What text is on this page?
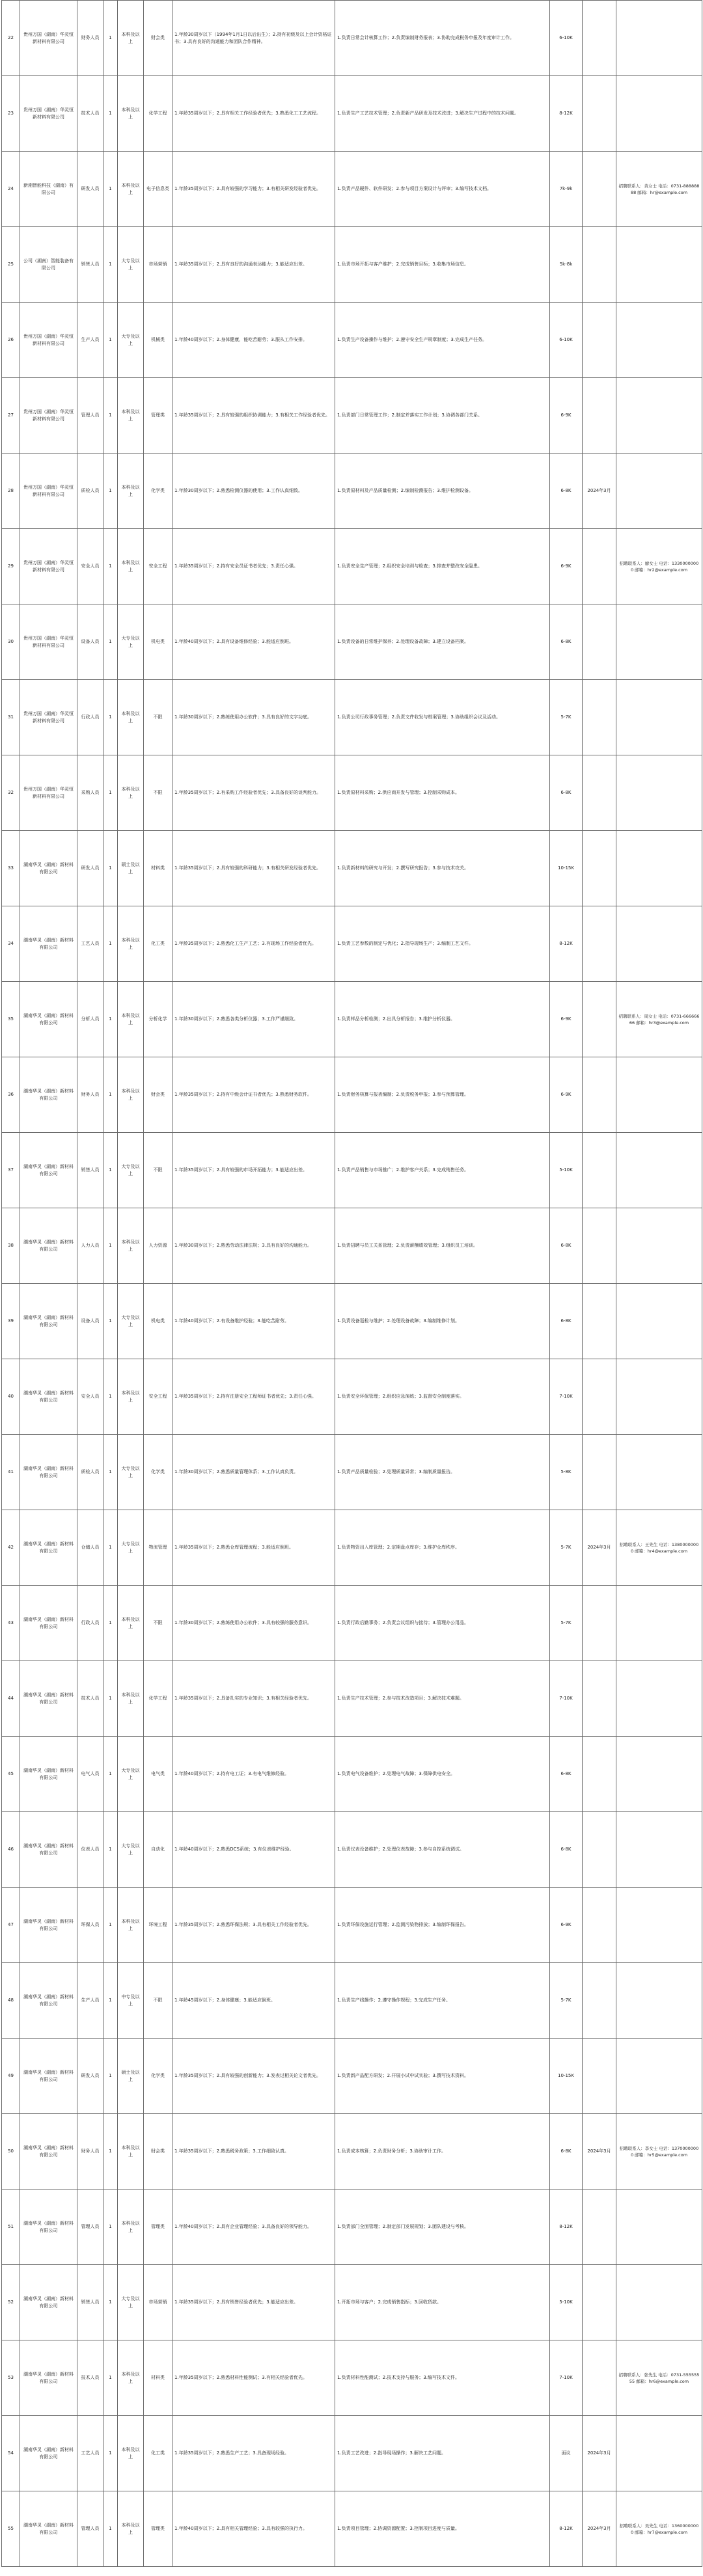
22	贵州万国（湖南）华灵恒新材料有限公司	财务人员	1	本科及以上	财会类	1.年龄30周岁以下（1994年1月1日以后出生）；2.持有初级及以上会计资格证书；3.具有良好的沟通能力和团队合作精神。	1.负责日常会计核算工作；2.负责编制财务报表；3.协助完成税务申报及年度审计工作。	6-10K		
23	贵州万国（湖南）华灵恒新材料有限公司	技术人员	1	本科及以上	化学工程	1.年龄35周岁以下；2.具有相关工作经验者优先；3.熟悉化工工艺流程。	1.负责生产工艺技术管理；2.负责新产品研发及技术改进；3.解决生产过程中的技术问题。	8-12K		
24	新湘智能科技（湖南）有限公司	研发人员	1	本科及以上	电子信息类	1.年龄35周岁以下；2.具有较强的学习能力；3.有相关研发经验者优先。	1.负责产品硬件、软件研发；2.参与项目方案设计与评审；3.编写技术文档。	7k-9k		招聘联系人：黄女士 电话：0731-88888888 邮箱：hr@example.com
25	公司（湖南）智能装备有限公司	销售人员	1	大专及以上	市场营销	1.年龄35周岁以下；2.具有良好的沟通表达能力；3.能适应出差。	1.负责市场开拓与客户维护；2.完成销售目标；3.收集市场信息。	5k-8k		
26	贵州万国（湖南）华灵恒新材料有限公司	生产人员	1	大专及以上	机械类	1.年龄40周岁以下；2.身体健康，能吃苦耐劳；3.服从工作安排。	1.负责生产设备操作与维护；2.遵守安全生产规章制度；3.完成生产任务。	6-10K		
27	贵州万国（湖南）华灵恒新材料有限公司	管理人员	1	本科及以上	管理类	1.年龄35周岁以下；2.具有较强的组织协调能力；3.有相关工作经验者优先。	1.负责部门日常管理工作；2.制定并落实工作计划；3.协调各部门关系。	6-9K		
28	贵州万国（湖南）华灵恒新材料有限公司	质检人员	1	本科及以上	化学类	1.年龄30周岁以下；2.熟悉检测仪器的使用；3.工作认真细致。	1.负责原材料及产品质量检测；2.编制检测报告；3.维护检测设备。	6-8K	2024年3月	
29	贵州万国（湖南）华灵恒新材料有限公司	安全人员	1	本科及以上	安全工程	1.年龄35周岁以下；2.持有安全员证书者优先；3.责任心强。	1.负责安全生产管理；2.组织安全培训与检查；3.排查并整改安全隐患。	6-9K		招聘联系人：廖女士 电话：13300000000 邮箱：hr2@example.com
30	贵州万国（湖南）华灵恒新材料有限公司	设备人员	1	大专及以上	机电类	1.年龄40周岁以下；2.具有设备维修经验；3.能适应倒班。	1.负责设备的日常维护保养；2.处理设备故障；3.建立设备档案。	6-8K		
31	贵州万国（湖南）华灵恒新材料有限公司	行政人员	1	本科及以上	不限	1.年龄30周岁以下；2.熟练使用办公软件；3.具有良好的文字功底。	1.负责公司行政事务管理；2.负责文件收发与档案管理；3.协助组织会议及活动。	5-7K		
32	贵州万国（湖南）华灵恒新材料有限公司	采购人员	1	本科及以上	不限	1.年龄35周岁以下；2.有采购工作经验者优先；3.具备良好的谈判能力。	1.负责原材料采购；2.供应商开发与管理；3.控制采购成本。	6-8K		
33	湖南华灵（湖南）新材料有限公司	研发人员	1	硕士及以上	材料类	1.年龄35周岁以下；2.具有较强的科研能力；3.有相关研发经验者优先。	1.负责新材料的研究与开发；2.撰写研究报告；3.参与技术攻关。	10-15K		
34	湖南华灵（湖南）新材料有限公司	工艺人员	1	本科及以上	化工类	1.年龄35周岁以下；2.熟悉化工生产工艺；3.有现场工作经验者优先。	1.负责工艺参数的制定与优化；2.指导现场生产；3.编制工艺文件。	8-12K		
35	湖南华灵（湖南）新材料有限公司	分析人员	1	本科及以上	分析化学	1.年龄30周岁以下；2.熟悉各类分析仪器；3.工作严谨细致。	1.负责样品分析检测；2.出具分析报告；3.维护分析仪器。	6-9K		招聘联系人：周女士 电话：0731-66666666 邮箱：hr3@example.com
36	湖南华灵（湖南）新材料有限公司	财务人员	1	本科及以上	财会类	1.年龄35周岁以下；2.持有中级会计证书者优先；3.熟悉财务软件。	1.负责财务核算与报表编制；2.负责税务申报；3.参与预算管理。	6-9K		
37	湖南华灵（湖南）新材料有限公司	销售人员	1	大专及以上	不限	1.年龄35周岁以下；2.具有较强的市场开拓能力；3.能适应出差。	1.负责产品销售与市场推广；2.维护客户关系；3.完成销售任务。	5-10K		
38	湖南华灵（湖南）新材料有限公司	人力人员	1	本科及以上	人力资源	1.年龄30周岁以下；2.熟悉劳动法律法规；3.具有良好的沟通能力。	1.负责招聘与员工关系管理；2.负责薪酬绩效管理；3.组织员工培训。	6-8K		
39	湖南华灵（湖南）新材料有限公司	设备人员	1	大专及以上	机电类	1.年龄40周岁以下；2.有设备维护经验；3.能吃苦耐劳。	1.负责设备巡检与维护；2.处理设备故障；3.编制维修计划。	6-8K		
40	湖南华灵（湖南）新材料有限公司	安全人员	1	本科及以上	安全工程	1.年龄35周岁以下；2.持有注册安全工程师证书者优先；3.责任心强。	1.负责安全环保管理；2.组织应急演练；3.监督安全制度落实。	7-10K		
41	湖南华灵（湖南）新材料有限公司	质检人员	1	大专及以上	化学类	1.年龄30周岁以下；2.熟悉质量管理体系；3.工作认真负责。	1.负责产品质量检验；2.处理质量异常；3.编制质量报告。	5-8K		
42	湖南华灵（湖南）新材料有限公司	仓储人员	1	大专及以上	物流管理	1.年龄35周岁以下；2.熟悉仓库管理流程；3.能适应倒班。	1.负责物资出入库管理；2.定期盘点库存；3.维护仓库秩序。	5-7K	2024年3月	招聘联系人：王先生 电话：13800000000 邮箱：hr4@example.com
43	湖南华灵（湖南）新材料有限公司	行政人员	1	本科及以上	不限	1.年龄30周岁以下；2.熟练使用办公软件；3.具有较强的服务意识。	1.负责行政后勤事务；2.负责会议组织与接待；3.管理办公用品。	5-7K		
44	湖南华灵（湖南）新材料有限公司	技术人员	1	本科及以上	化学工程	1.年龄35周岁以下；2.具备扎实的专业知识；3.有相关经验者优先。	1.负责生产技术管理；2.参与技术改造项目；3.解决技术难题。	7-10K		
45	湖南华灵（湖南）新材料有限公司	电气人员	1	大专及以上	电气类	1.年龄40周岁以下；2.持有电工证；3.有电气维修经验。	1.负责电气设备维护；2.处理电气故障；3.保障供电安全。	6-8K		
46	湖南华灵（湖南）新材料有限公司	仪表人员	1	大专及以上	自动化	1.年龄40周岁以下；2.熟悉DCS系统；3.有仪表维护经验。	1.负责仪表设备维护；2.处理仪表故障；3.参与自控系统调试。	6-8K		
47	湖南华灵（湖南）新材料有限公司	环保人员	1	本科及以上	环境工程	1.年龄35周岁以下；2.熟悉环保法规；3.具有相关工作经验者优先。	1.负责环保设施运行管理；2.监测污染物排放；3.编制环保报告。	6-9K		
48	湖南华灵（湖南）新材料有限公司	生产人员	1	中专及以上	不限	1.年龄45周岁以下；2.身体健康；3.能适应倒班。	1.负责生产线操作；2.遵守操作规程；3.完成生产任务。	5-7K		
49	湖南华灵（湖南）新材料有限公司	研发人员	1	硕士及以上	化学类	1.年龄35周岁以下；2.具有较强的创新能力；3.发表过相关论文者优先。	1.负责新产品配方研发；2.开展小试中试实验；3.撰写技术资料。	10-15K		
50	湖南华灵（湖南）新材料有限公司	财务人员	1	本科及以上	财会类	1.年龄35周岁以下；2.熟悉税务政策；3.工作细致认真。	1.负责成本核算；2.负责财务分析；3.协助审计工作。	6-8K	2024年3月	招聘联系人：李女士 电话：13700000000 邮箱：hr5@example.com
51	湖南华灵（湖南）新材料有限公司	管理人员	1	本科及以上	管理类	1.年龄40周岁以下；2.具有企业管理经验；3.具备良好的领导能力。	1.负责部门全面管理；2.制定部门发展规划；3.团队建设与考核。	8-12K		
52	湖南华灵（湖南）新材料有限公司	销售人员	1	大专及以上	市场营销	1.年龄35周岁以下；2.具有销售经验者优先；3.能适应出差。	1.开拓市场与客户；2.完成销售指标；3.回收货款。	5-10K		
53	湖南华灵（湖南）新材料有限公司	技术人员	1	本科及以上	材料类	1.年龄35周岁以下；2.熟悉材料性能测试；3.有相关经验者优先。	1.负责材料性能测试；2.技术支持与服务；3.编写技术文件。	7-10K		招聘联系人：张先生 电话：0731-55555555 邮箱：hr6@example.com
54	湖南华灵（湖南）新材料有限公司	工艺人员	1	本科及以上	化工类	1.年龄35周岁以下；2.熟悉生产工艺；3.具备现场经验。	1.负责工艺改进；2.指导现场操作；3.解决工艺问题。	面议	2024年3月	
55	湖南华灵（湖南）新材料有限公司	管理人员	1	本科及以上	管理类	1.年龄40周岁以下；2.具有相关管理经验；3.具有较强的执行力。	1.负责项目管理；2.协调资源配置；3.控制项目进度与质量。	8-12K	2024年3月	招聘联系人：吴先生 电话：13600000000 邮箱：hr7@example.com
